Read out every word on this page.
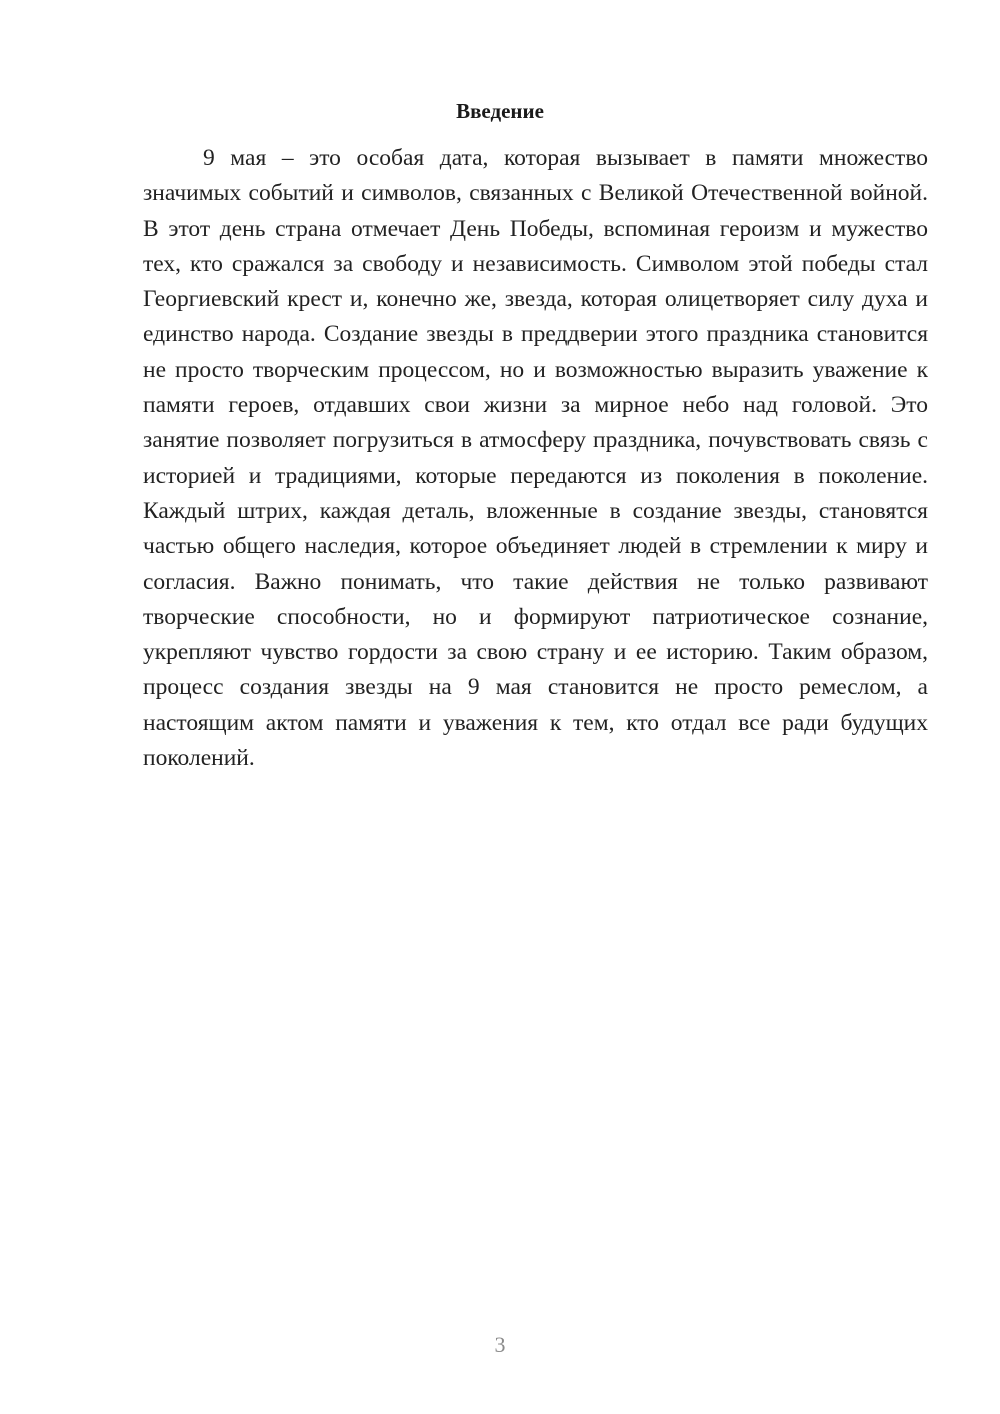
Введение

9 мая – это особая дата, которая вызывает в памяти множество значимых событий и символов, связанных с Великой Отечественной войной. В этот день страна отмечает День Победы, вспоминая героизм и мужество тех, кто сражался за свободу и независимость. Символом этой победы стал Георгиевский крест и, конечно же, звезда, которая олицетворяет силу духа и единство народа. Создание звезды в преддверии этого праздника становится не просто творческим процессом, но и возможностью выразить уважение к памяти героев, отдавших свои жизни за мирное небо над головой. Это занятие позволяет погрузиться в атмосферу праздника, почувствовать связь с историей и традициями, которые передаются из поколения в поколение. Каждый штрих, каждая деталь, вложенные в создание звезды, становятся частью общего наследия, которое объединяет людей в стремлении к миру и согласия. Важно понимать, что такие действия не только развивают творческие способности, но и формируют патриотическое сознание, укрепляют чувство гордости за свою страну и ее историю. Таким образом, процесс создания звезды на 9 мая становится не просто ремеслом, а настоящим актом памяти и уважения к тем, кто отдал все ради будущих поколений.

3
